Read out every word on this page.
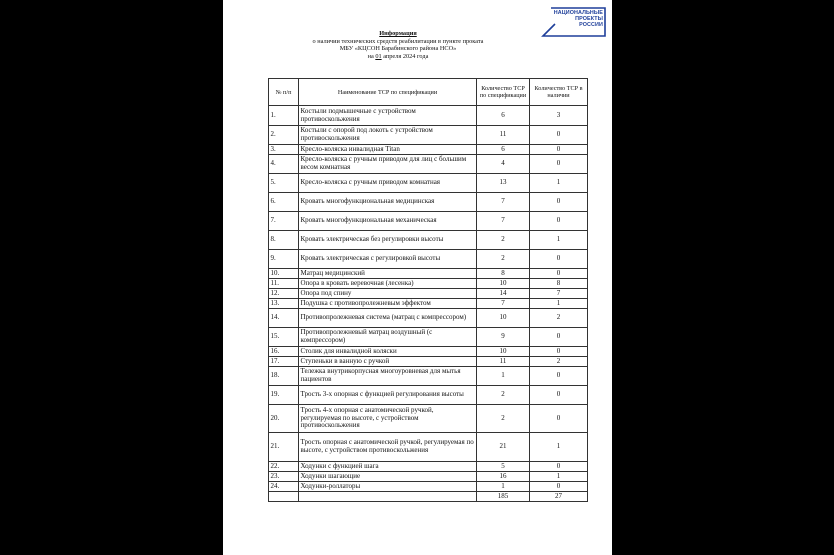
НАЦИОНАЛЬНЫЕ
ПРОЕКТЫ
РОССИИ
Информация
о наличии технических средств реабилитации в пункте проката
МБУ «КЦСОН Барабинского района НСО»
на 01 апреля 2024 года
№ п/п	Наименование ТСР по спецификации	Количество ТСР по спецификации	Количество ТСР в наличии
1.	Костыли подмышечные с устройством противоскольжения	6	3
2.	Костыли с опорой под локоть с устройством противоскольжения	11	0
3.	Кресло-коляска инвалидная Titan	6	0
4.	Кресло-коляска с ручным приводом для лиц с большим весом комнатная	4	0
5.	Кресло-коляска с ручным приводом комнатная	13	1
6.	Кровать многофункциональная медицинская	7	0
7.	Кровать многофункциональная механическая	7	0
8.	Кровать электрическая без регулировки высоты	2	1
9.	Кровать электрическая с регулировкой высоты	2	0
10.	Матрац медицинский	8	0
11.	Опора в кровать веревочная (лесенка)	10	8
12.	Опора под спину	14	7
13.	Подушка с противопролежневым эффектом	7	1
14.	Противопролежневая система (матрац с компрессором)	10	2
15.	Противопролежневый матрац воздушный (с компрессором)	9	0
16.	Столик для инвалидной коляски	10	0
17.	Ступеньки в ванную с ручкой	11	2
18.	Тележка внутрикорпусная многоуровневая для мытья пациентов	1	0
19.	Трость 3-х опорная с функцией регулирования высоты	2	0
20.	Трость 4-х опорная с анатомической ручкой, регулируемая по высоте, с устройством противоскольжения	2	0
21.	Трость опорная с анатомической ручкой, регулируемая по высоте, с устройством противоскольжения	21	1
22.	Ходунки с функцией шага	5	0
23.	Ходунки шагающие	16	1
24.	Ходунки-роллаторы	1	0
		185	27
